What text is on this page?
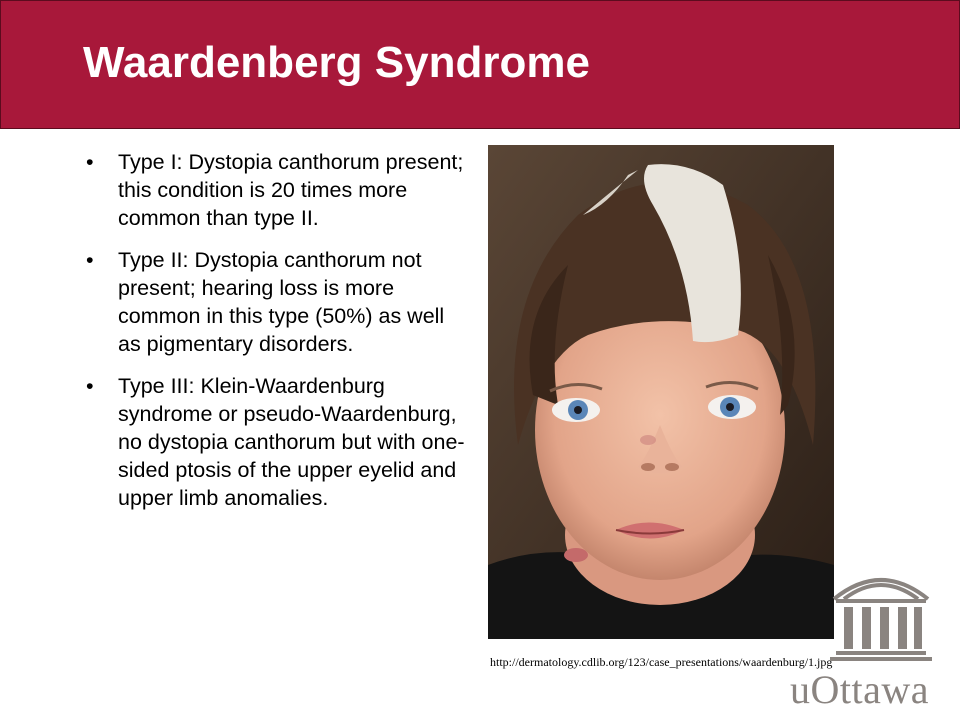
Waardenberg Syndrome
• Type I: Dystopia canthorum present; this condition is 20 times more common than type II.
• Type II: Dystopia canthorum not present; hearing loss is more common in this type (50%) as well as pigmentary disorders.
• Type III: Klein-Waardenburg syndrome or pseudo-Waardenburg, no dystopia canthorum but with one-sided ptosis of the upper eyelid and upper limb anomalies.
http://dermatology.cdlib.org/123/case_presentations/waardenburg/1.jpg
uOttawa
